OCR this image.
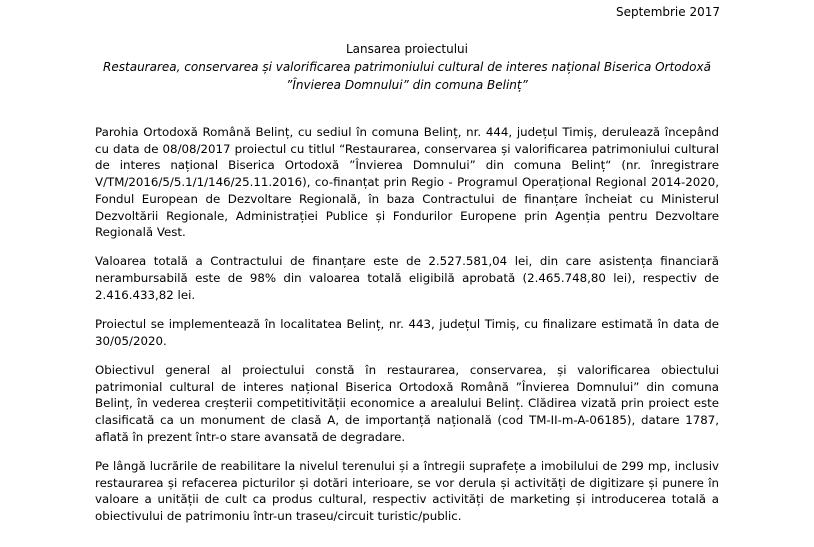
Septembrie 2017
Lansarea proiectului
Restaurarea, conservarea și valorificarea patrimoniului cultural de interes național Biserica Ortodoxă
”Învierea Domnului” din comuna Belinț”

Parohia Ortodoxă Română Belinț, cu sediul în comuna Belinț, nr. 444, județul Timiș, derulează începând cu data de 08/08/2017 proiectul cu titlul “Restaurarea, conservarea și valorificarea patrimoniului cultural de interes național Biserica Ortodoxă ”Învierea Domnului” din comuna Belinț“ (nr. înregistrare V/TM/2016/5/5.1/1/146/25.11.2016), co-finanțat prin Regio - Programul Operațional Regional 2014-2020, Fondul European de Dezvoltare Regională, în baza Contractului de finanțare încheiat cu Ministerul Dezvoltării Regionale, Administrației Publice și Fondurilor Europene prin Agenția pentru Dezvoltare Regională Vest.

Valoarea totală a Contractului de finanțare este de 2.527.581,04 lei, din care asistența financiară nerambursabilă este de 98% din valoarea totală eligibilă aprobată (2.465.748,80 lei), respectiv de 2.416.433,82 lei.

Proiectul se implementează în localitatea Belinț, nr. 443, județul Timiș, cu finalizare estimată în data de 30/05/2020.

Obiectivul general al proiectului constă în restaurarea, conservarea, și valorificarea obiectului patrimonial cultural de interes național Biserica Ortodoxă Română ”Învierea Domnului” din comuna Belinț, în vederea creșterii competitivității economice a arealului Belinț. Clădirea vizată prin proiect este clasificată ca un monument de clasă A, de importanță națională (cod TM-II-m-A-06185), datare 1787, aflată în prezent într-o stare avansată de degradare.

Pe lângă lucrările de reabilitare la nivelul terenului și a întregii suprafețe a imobilului de 299 mp, inclusiv restaurarea și refacerea picturilor și dotări interioare, se vor derula și activități de digitizare și punere în valoare a unității de cult ca produs cultural, respectiv activități de marketing și introducerea totală a obiectivului de patrimoniu într-un traseu/circuit turistic/public.
